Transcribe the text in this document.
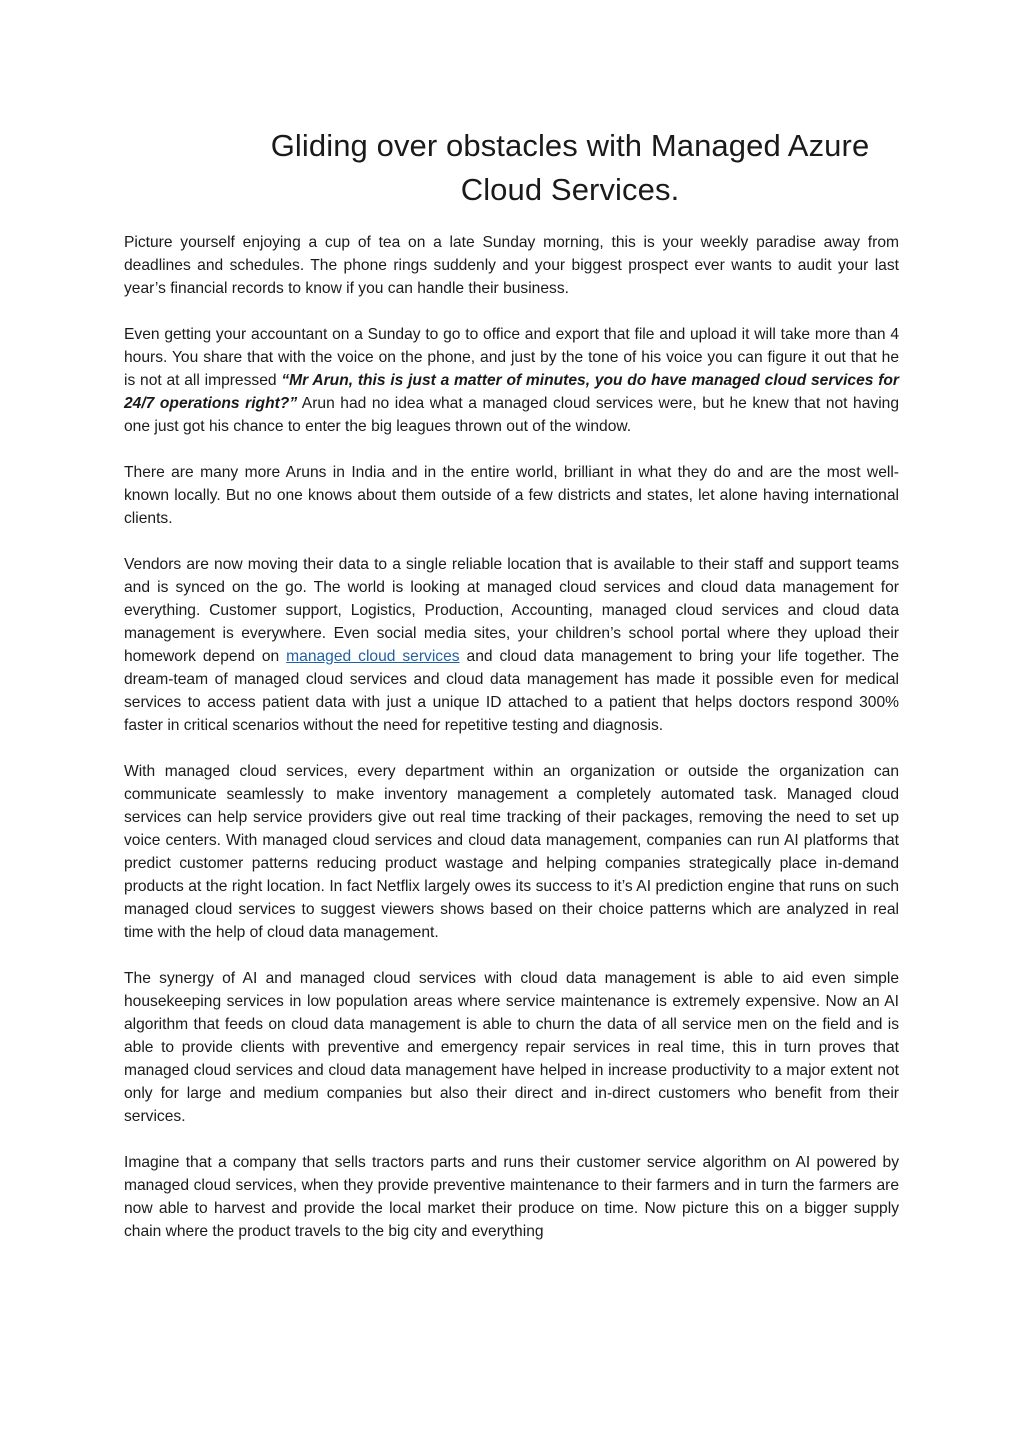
Gliding over obstacles with Managed Azure
Cloud Services.

Picture yourself enjoying a cup of tea on a late Sunday morning, this is your weekly paradise away from deadlines and schedules. The phone rings suddenly and your biggest prospect ever wants to audit your last year’s financial records to know if you can handle their business.

Even getting your accountant on a Sunday to go to office and export that file and upload it will take more than 4 hours. You share that with the voice on the phone, and just by the tone of his voice you can figure it out that he is not at all impressed “Mr Arun, this is just a matter of minutes, you do have managed cloud services for 24/7 operations right?” Arun had no idea what a managed cloud services were, but he knew that not having one just got his chance to enter the big leagues thrown out of the window.

There are many more Aruns in India and in the entire world, brilliant in what they do and are the most well-known locally. But no one knows about them outside of a few districts and states, let alone having international clients.

Vendors are now moving their data to a single reliable location that is available to their staff and support teams and is synced on the go. The world is looking at managed cloud services and cloud data management for everything. Customer support, Logistics, Production, Accounting, managed cloud services and cloud data management is everywhere. Even social media sites, your children’s school portal where they upload their homework depend on managed cloud services and cloud data management to bring your life together. The dream-team of managed cloud services and cloud data management has made it possible even for medical services to access patient data with just a unique ID attached to a patient that helps doctors respond 300% faster in critical scenarios without the need for repetitive testing and diagnosis.

With managed cloud services, every department within an organization or outside the organization can communicate seamlessly to make inventory management a completely automated task. Managed cloud services can help service providers give out real time tracking of their packages, removing the need to set up voice centers. With managed cloud services and cloud data management, companies can run AI platforms that predict customer patterns reducing product wastage and helping companies strategically place in-demand products at the right location. In fact Netflix largely owes its success to it’s AI prediction engine that runs on such managed cloud services to suggest viewers shows based on their choice patterns which are analyzed in real time with the help of cloud data management.

The synergy of AI and managed cloud services with cloud data management is able to aid even simple housekeeping services in low population areas where service maintenance is extremely expensive. Now an AI algorithm that feeds on cloud data management is able to churn the data of all service men on the field and is able to provide clients with preventive and emergency repair services in real time, this in turn proves that managed cloud services and cloud data management have helped in increase productivity to a major extent not only for large and medium companies but also their direct and in-direct customers who benefit from their services.

Imagine that a company that sells tractors parts and runs their customer service algorithm on AI powered by managed cloud services, when they provide preventive maintenance to their farmers and in turn the farmers are now able to harvest and provide the local market their produce on time. Now picture this on a bigger supply chain where the product travels to the big city and everything
